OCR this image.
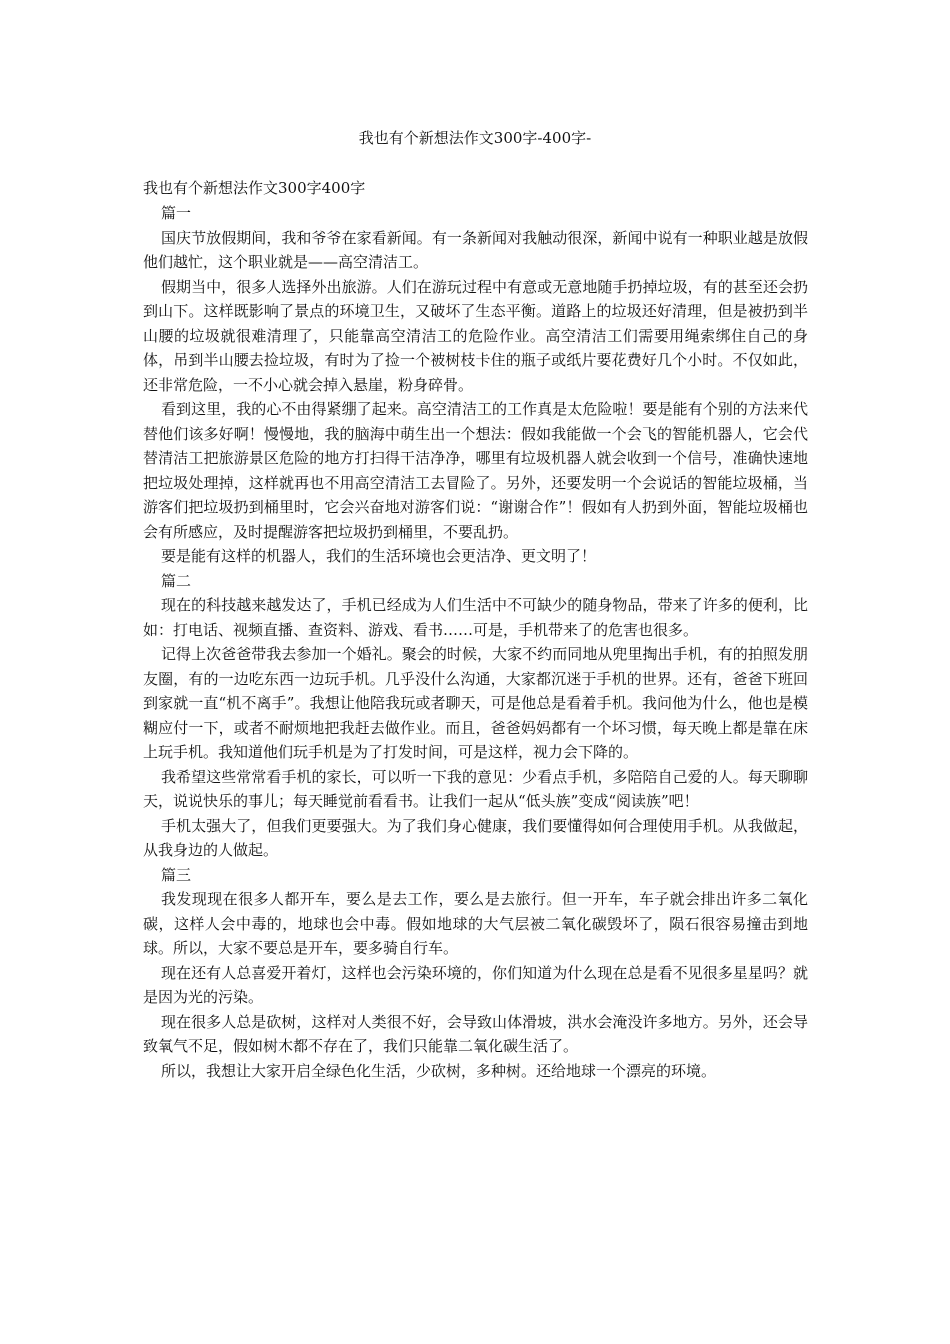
我也有个新想法作文300字-400字-
我也有个新想法作文300字400字

篇一

国庆节放假期间，我和爷爷在家看新闻。有一条新闻对我触动很深，新闻中说有一种职业越是放假他们越忙，这个职业就是——高空清洁工。

假期当中，很多人选择外出旅游。人们在游玩过程中有意或无意地随手扔掉垃圾，有的甚至还会扔到山下。这样既影响了景点的环境卫生，又破坏了生态平衡。道路上的垃圾还好清理，但是被扔到半山腰的垃圾就很难清理了，只能靠高空清洁工的危险作业。高空清洁工们需要用绳索绑住自己的身体，吊到半山腰去捡垃圾，有时为了捡一个被树枝卡住的瓶子或纸片要花费好几个小时。不仅如此，还非常危险，一不小心就会掉入悬崖，粉身碎骨。

看到这里，我的心不由得紧绷了起来。高空清洁工的工作真是太危险啦！要是能有个别的方法来代替他们该多好啊！慢慢地，我的脑海中萌生出一个想法：假如我能做一个会飞的智能机器人，它会代替清洁工把旅游景区危险的地方打扫得干洁净净，哪里有垃圾机器人就会收到一个信号，准确快速地把垃圾处理掉，这样就再也不用高空清洁工去冒险了。另外，还要发明一个会说话的智能垃圾桶，当游客们把垃圾扔到桶里时，它会兴奋地对游客们说：“谢谢合作”！假如有人扔到外面，智能垃圾桶也会有所感应，及时提醒游客把垃圾扔到桶里，不要乱扔。

要是能有这样的机器人，我们的生活环境也会更洁净、更文明了！

篇二

现在的科技越来越发达了，手机已经成为人们生活中不可缺少的随身物品，带来了许多的便利，比如：打电话、视频直播、查资料、游戏、看书……可是，手机带来了的危害也很多。

记得上次爸爸带我去参加一个婚礼。聚会的时候，大家不约而同地从兜里掏出手机，有的拍照发朋友圈，有的一边吃东西一边玩手机。几乎没什么沟通，大家都沉迷于手机的世界。还有，爸爸下班回到家就一直“机不离手”。我想让他陪我玩或者聊天，可是他总是看着手机。我问他为什么，他也是模糊应付一下，或者不耐烦地把我赶去做作业。而且，爸爸妈妈都有一个坏习惯，每天晚上都是靠在床上玩手机。我知道他们玩手机是为了打发时间，可是这样，视力会下降的。

我希望这些常常看手机的家长，可以听一下我的意见：少看点手机，多陪陪自己爱的人。每天聊聊天，说说快乐的事儿；每天睡觉前看看书。让我们一起从“低头族”变成“阅读族”吧！

手机太强大了，但我们更要强大。为了我们身心健康，我们要懂得如何合理使用手机。从我做起，从我身边的人做起。

篇三

我发现现在很多人都开车，要么是去工作，要么是去旅行。但一开车，车子就会排出许多二氧化碳，这样人会中毒的，地球也会中毒。假如地球的大气层被二氧化碳毁坏了，陨石很容易撞击到地球。所以，大家不要总是开车，要多骑自行车。

现在还有人总喜爱开着灯，这样也会污染环境的，你们知道为什么现在总是看不见很多星星吗？就是因为光的污染。

现在很多人总是砍树，这样对人类很不好，会导致山体滑坡，洪水会淹没许多地方。另外，还会导致氧气不足，假如树木都不存在了，我们只能靠二氧化碳生活了。

所以，我想让大家开启全绿色化生活，少砍树，多种树。还给地球一个漂亮的环境。
